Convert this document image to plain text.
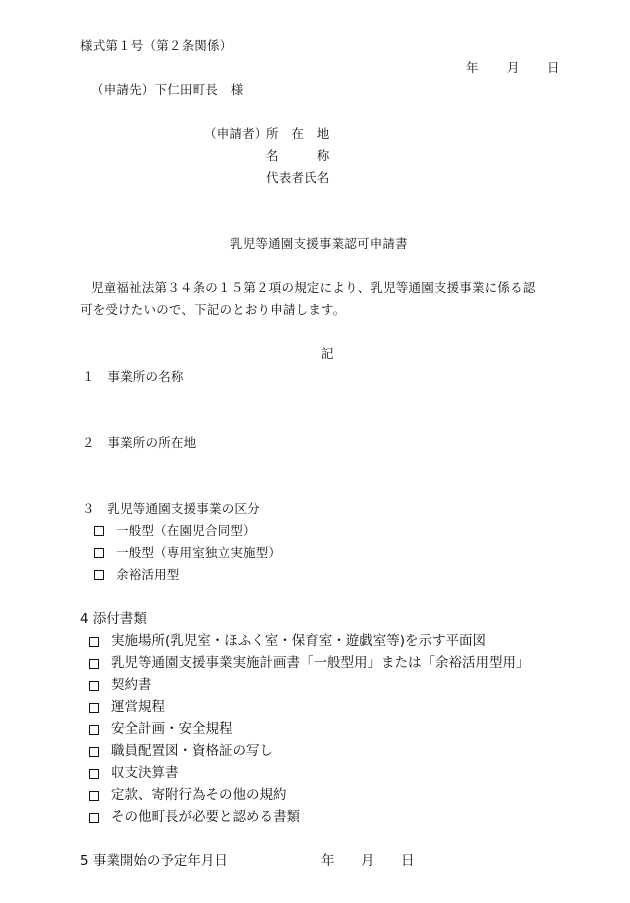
様式第１号（第２条関係）
年 月 日
（申請先）下仁田町長　様
（申請者）
所　在　地
名　　　称
代表者氏名
乳児等通園支援事業認可申請書
児童福祉法第３４条の１５第２項の規定により、乳児等通園支援事業に係る認
可を受けたいので、下記のとおり申請します。
記
１　事業所の名称
２　事業所の所在地
３　乳児等通園支援事業の区分
一般型（在園児合同型）
一般型（専用室独立実施型）
余裕活用型
4 添付書類
実施場所(乳児室・ほふく室・保育室・遊戯室等)を示す平面図
乳児等通園支援事業実施計画書「一般型用」または「余裕活用型用」
契約書
運営規程
安全計画・安全規程
職員配置図・資格証の写し
収支決算書
定款、寄附行為その他の規約
その他町長が必要と認める書類
5 事業開始の予定年月日	年 月 日
